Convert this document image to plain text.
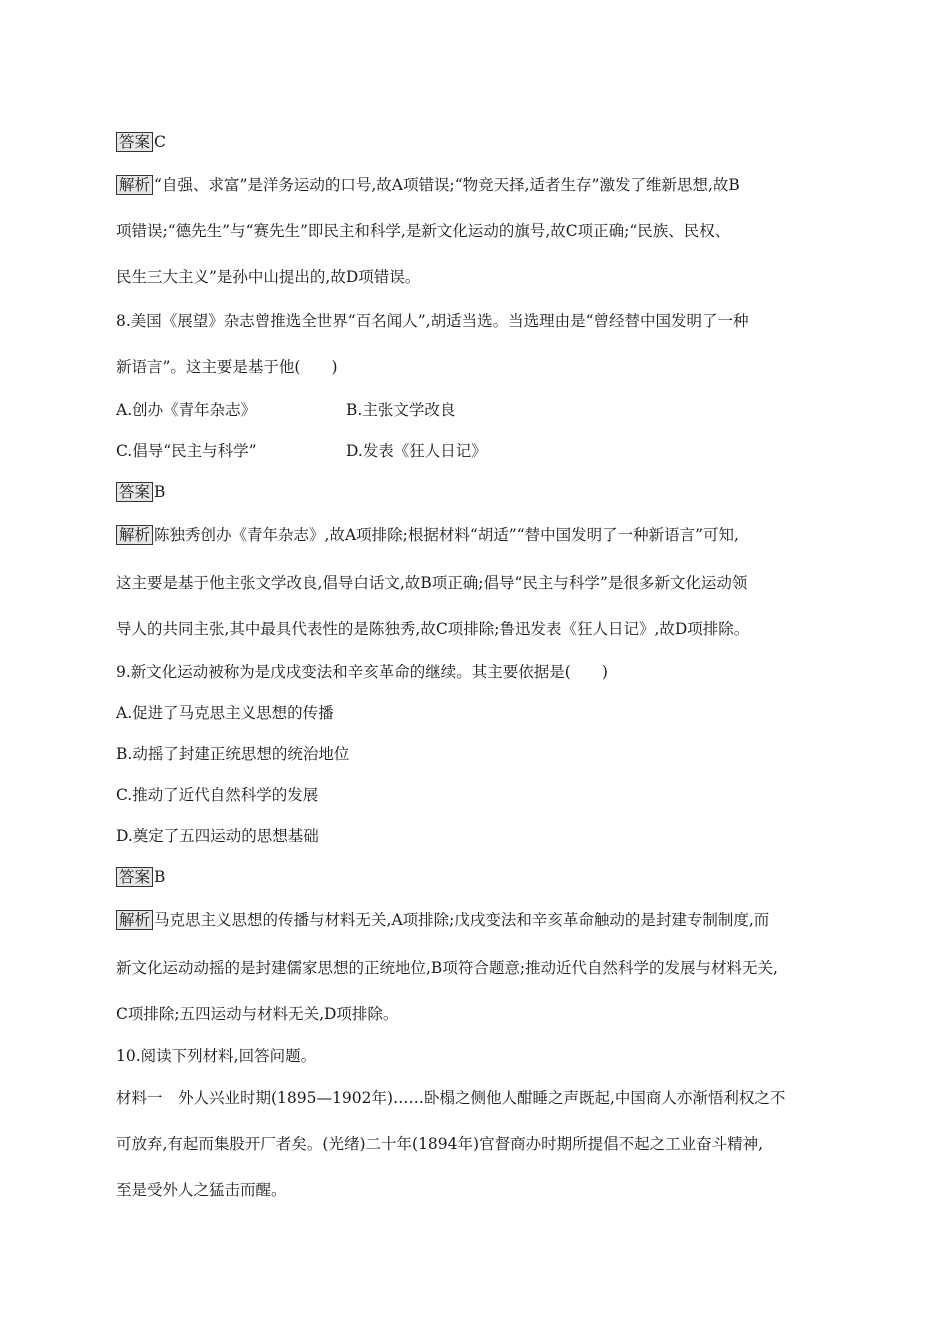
答案 C
解析 “自强、求富”是洋务运动的口号,故A项错误;“物竞天择,适者生存”激发了维新思想,故B
项错误;“德先生”与“赛先生”即民主和科学,是新文化运动的旗号,故C项正确;“民族、民权、
民生三大主义”是孙中山提出的,故D项错误。
8.美国《展望》杂志曾推选全世界“百名闻人”,胡适当选。当选理由是“曾经替中国发明了一种
新语言”。这主要是基于他(　　)
A.创办《青年杂志》	B.主张文学改良
C.倡导“民主与科学”	D.发表《狂人日记》
答案 B
解析 陈独秀创办《青年杂志》,故A项排除;根据材料“胡适”“替中国发明了一种新语言”可知,
这主要是基于他主张文学改良,倡导白话文,故B项正确;倡导“民主与科学”是很多新文化运动领
导人的共同主张,其中最具代表性的是陈独秀,故C项排除;鲁迅发表《狂人日记》,故D项排除。
9.新文化运动被称为是戊戌变法和辛亥革命的继续。其主要依据是(　　)
A.促进了马克思主义思想的传播
B.动摇了封建正统思想的统治地位
C.推动了近代自然科学的发展
D.奠定了五四运动的思想基础
答案 B
解析 马克思主义思想的传播与材料无关,A项排除;戊戌变法和辛亥革命触动的是封建专制制度,而
新文化运动动摇的是封建儒家思想的正统地位,B项符合题意;推动近代自然科学的发展与材料无关,
C项排除;五四运动与材料无关,D项排除。
10.阅读下列材料,回答问题。
材料一　外人兴业时期(1895—1902年)……卧榻之侧他人酣睡之声既起,中国商人亦渐悟利权之不
可放弃,有起而集股开厂者矣。(光绪)二十年(1894年)官督商办时期所提倡不起之工业奋斗精神,
至是受外人之猛击而醒。
